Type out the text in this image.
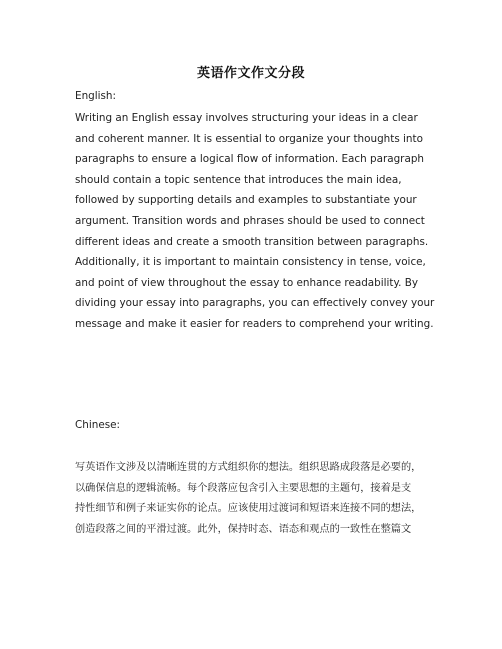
英语作文作文分段
English:
Writing an English essay involves structuring your ideas in a clear
and coherent manner. It is essential to organize your thoughts into
paragraphs to ensure a logical flow of information. Each paragraph
should contain a topic sentence that introduces the main idea,
followed by supporting details and examples to substantiate your
argument. Transition words and phrases should be used to connect
different ideas and create a smooth transition between paragraphs.
Additionally, it is important to maintain consistency in tense, voice,
and point of view throughout the essay to enhance readability. By
dividing your essay into paragraphs, you can effectively convey your
message and make it easier for readers to comprehend your writing.
Chinese:
写英语作文涉及以清晰连贯的方式组织你的想法。组织思路成段落是必要的，
以确保信息的逻辑流畅。每个段落应包含引入主要思想的主题句，接着是支
持性细节和例子来证实你的论点。应该使用过渡词和短语来连接不同的想法，
创造段落之间的平滑过渡。此外，保持时态、语态和观点的一致性在整篇文
